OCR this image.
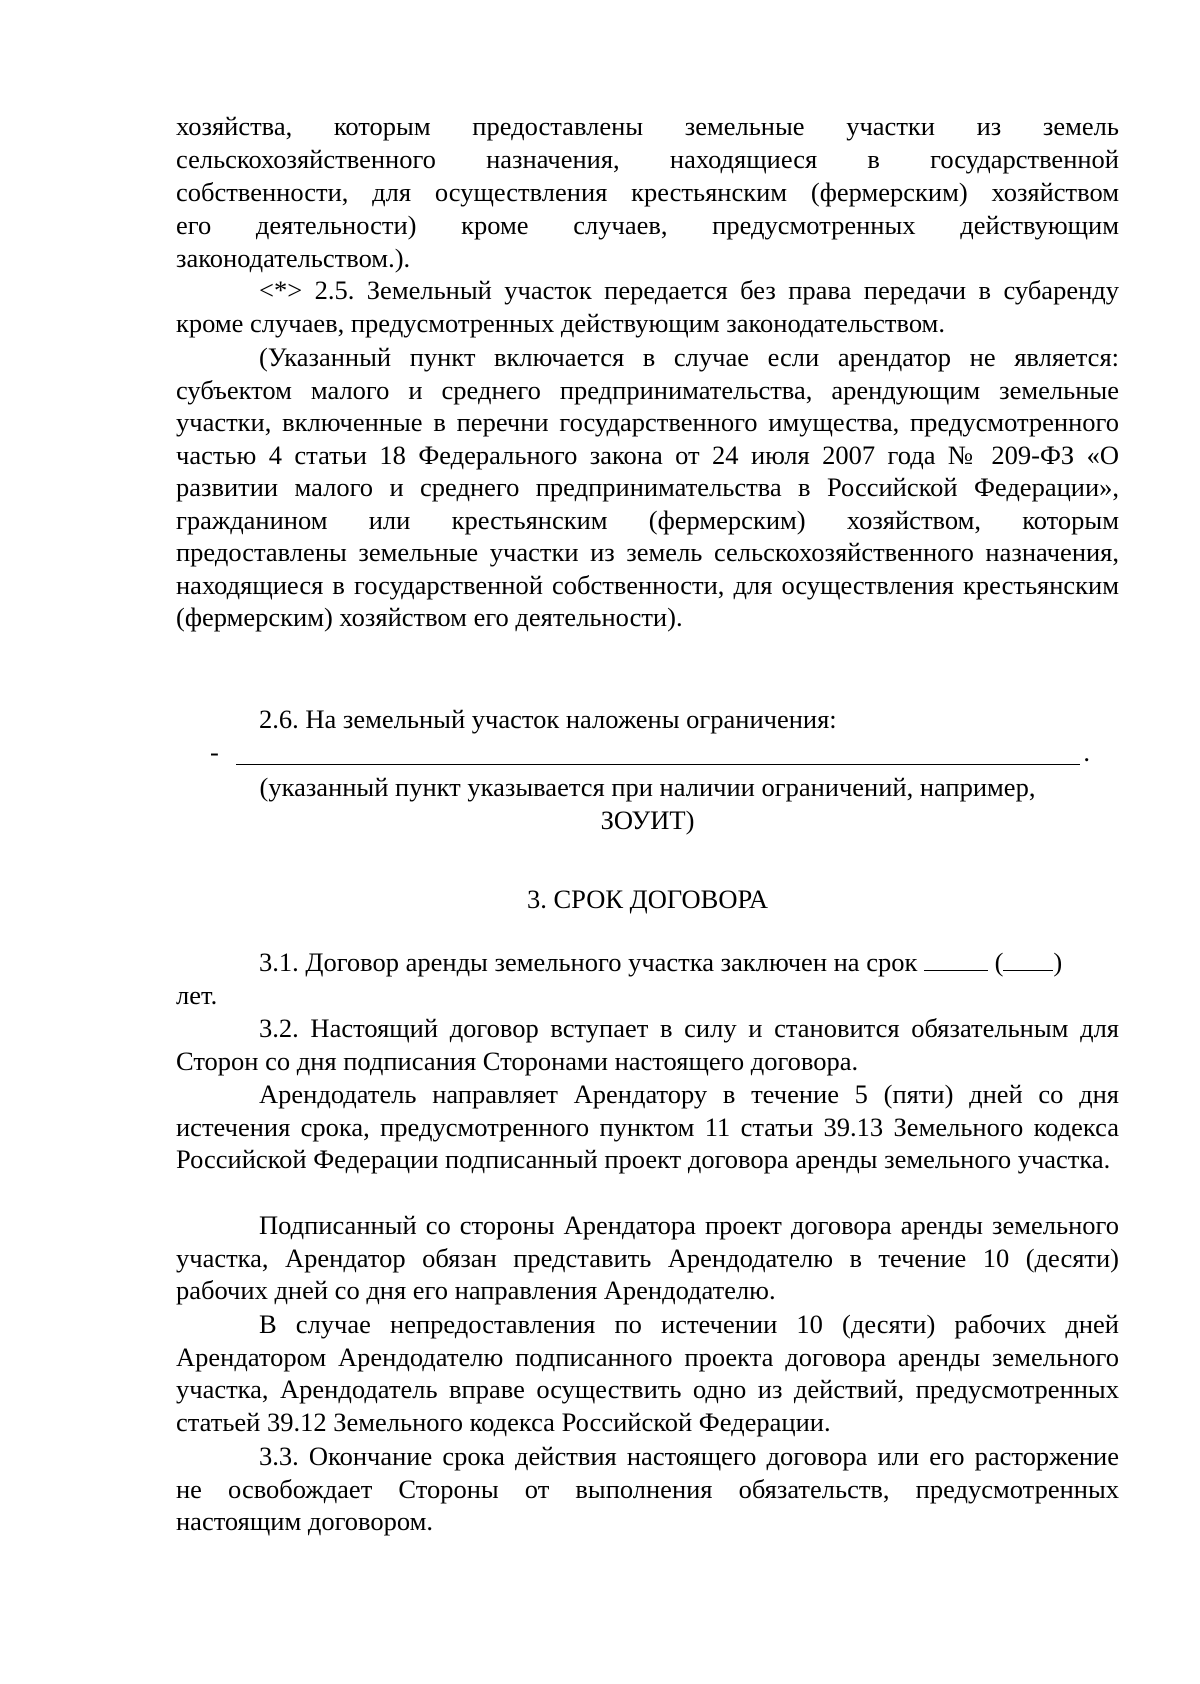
хозяйства, которым предоставлены земельные участки из земель
сельскохозяйственного назначения, находящиеся в государственной
собственности, для осуществления крестьянским (фермерским) хозяйством
его деятельности) кроме случаев, предусмотренных действующим
законодательством.).
<*> 2.5. Земельный участок передается без права передачи в субаренду кроме случаев, предусмотренных действующим законодательством.
(Указанный пункт включается в случае если арендатор не является: субъектом малого и среднего предпринимательства, арендующим земельные участки, включенные в перечни государственного имущества, предусмотренного частью 4 статьи 18 Федерального закона от 24 июля 2007 года № 209-ФЗ «О развитии малого и среднего предпринимательства в Российской Федерации», гражданином или крестьянским (фермерским) хозяйством, которым предоставлены земельные участки из земель сельскохозяйственного назначения, находящиеся в государственной собственности, для осуществления крестьянским (фермерским) хозяйством его деятельности).
2.6. На земельный участок наложены ограничения:
-	.
(указанный пункт указывается при наличии ограничений, например,
ЗОУИТ)
3. СРОК ДОГОВОРА
3.1. Договор аренды земельного участка заключен на срок	( )
лет.
3.2. Настоящий договор вступает в силу и становится обязательным для Сторон со дня подписания Сторонами настоящего договора.
Арендодатель направляет Арендатору в течение 5 (пяти) дней со дня истечения срока, предусмотренного пунктом 11 статьи 39.13 Земельного кодекса Российской Федерации подписанный проект договора аренды земельного участка.
Подписанный со стороны Арендатора проект договора аренды земельного участка, Арендатор обязан представить Арендодателю в течение 10 (десяти) рабочих дней со дня его направления Арендодателю.
В случае непредоставления по истечении 10 (десяти) рабочих дней Арендатором Арендодателю подписанного проекта договора аренды земельного участка, Арендодатель вправе осуществить одно из действий, предусмотренных статьей 39.12 Земельного кодекса Российской Федерации.
3.3. Окончание срока действия настоящего договора или его расторжение не освобождает Стороны от выполнения обязательств, предусмотренных настоящим договором.
